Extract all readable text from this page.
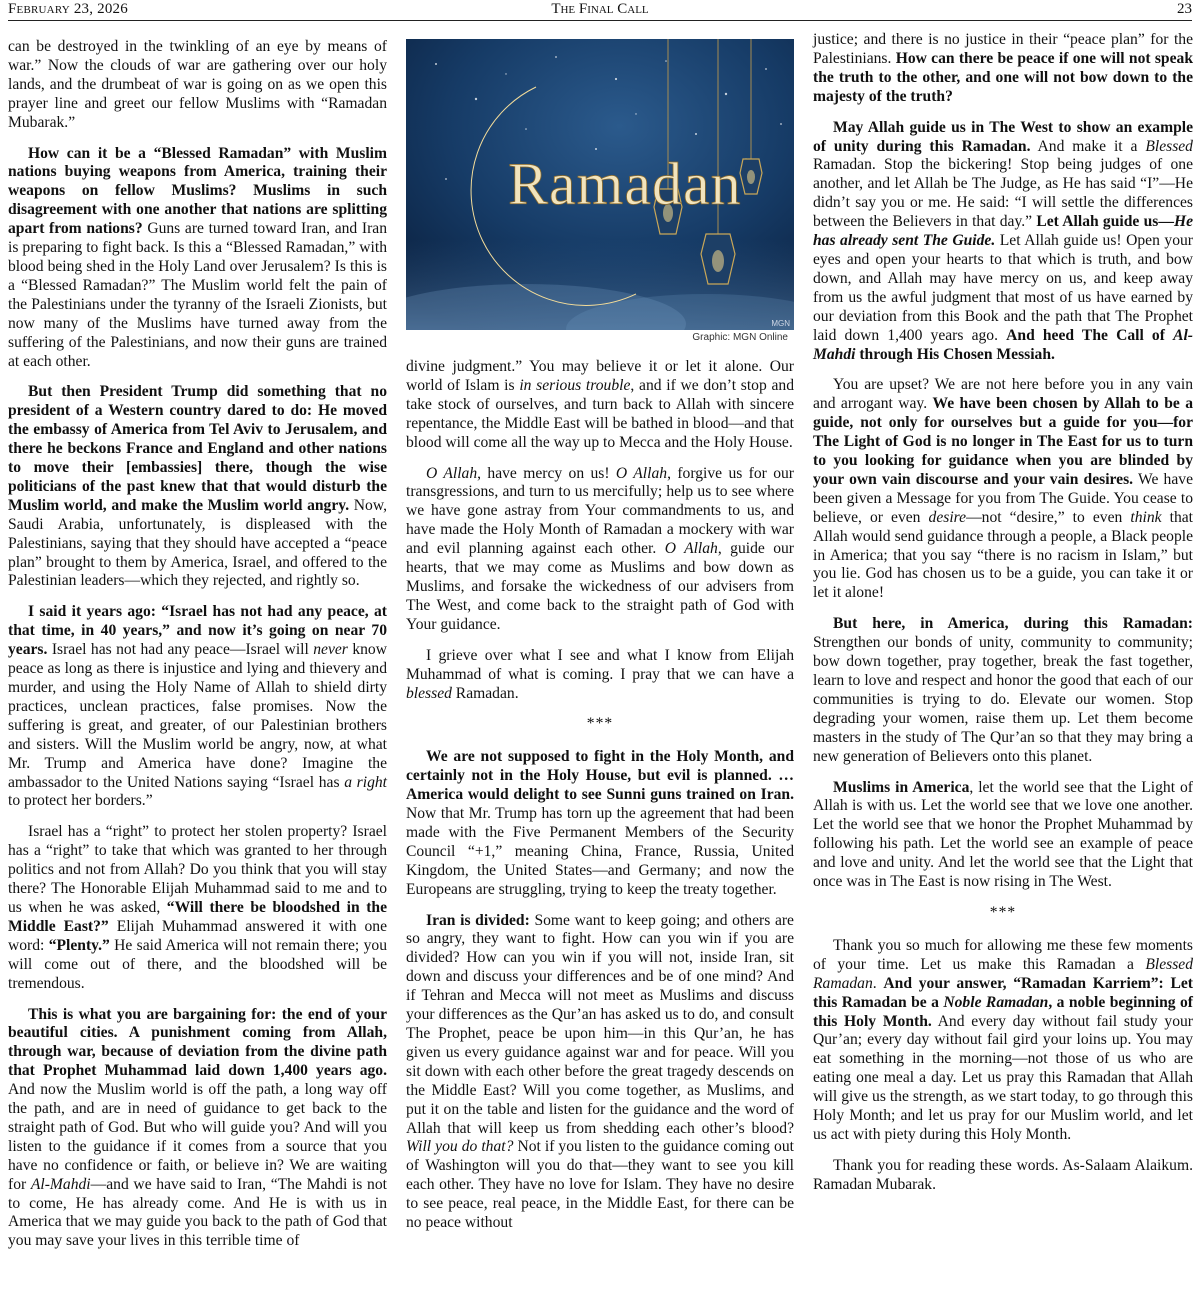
February 23, 2026	The Final Call	23

can be destroyed in the twinkling of an eye by means of war.” Now the clouds of war are gathering over our holy lands, and the drumbeat of war is going on as we open this prayer line and greet our fellow Muslims with “Ramadan Mubarak.”

How can it be a “Blessed Ramadan” with Muslim nations buying weapons from America, training their weapons on fellow Muslims? Muslims in such disagreement with one another that nations are splitting apart from nations? Guns are turned toward Iran, and Iran is preparing to fight back. Is this a “Blessed Ramadan,” with blood being shed in the Holy Land over Jerusalem? Is this is a “Blessed Ramadan?” The Muslim world felt the pain of the Palestinians under the tyranny of the Israeli Zionists, but now many of the Muslims have turned away from the suffering of the Palestinians, and now their guns are trained at each other.

But then President Trump did something that no president of a Western country dared to do: He moved the embassy of America from Tel Aviv to Jerusalem, and there he beckons France and England and other nations to move their [embassies] there, though the wise politicians of the past knew that that would disturb the Muslim world, and make the Muslim world angry. Now, Saudi Arabia, unfortunately, is displeased with the Palestinians, saying that they should have accepted a “peace plan” brought to them by America, Israel, and offered to the Palestinian leaders—which they rejected, and rightly so.

I said it years ago: “Israel has not had any peace, at that time, in 40 years,” and now it’s going on near 70 years. Israel has not had any peace—Israel will never know peace as long as there is injustice and lying and thievery and murder, and using the Holy Name of Allah to shield dirty practices, unclean practices, false promises. Now the suffering is great, and greater, of our Palestinian brothers and sisters. Will the Muslim world be angry, now, at what Mr. Trump and America have done? Imagine the ambassador to the United Nations saying “Israel has a right to protect her borders.”

Israel has a “right” to protect her stolen property? Israel has a “right” to take that which was granted to her through politics and not from Allah? Do you think that you will stay there? The Honorable Elijah Muhammad said to me and to us when he was asked, “Will there be bloodshed in the Middle East?” Elijah Muhammad answered it with one word: “Plenty.” He said America will not remain there; you will come out of there, and the bloodshed will be tremendous.

This is what you are bargaining for: the end of your beautiful cities. A punishment coming from Allah, through war, because of deviation from the divine path that Prophet Muhammad laid down 1,400 years ago. And now the Muslim world is off the path, a long way off the path, and are in need of guidance to get back to the straight path of God. But who will guide you? And will you listen to the guidance if it comes from a source that you have no confidence or faith, or believe in? We are waiting for Al-Mahdi—and we have said to Iran, “The Mahdi is not to come, He has already come. And He is with us in America that we may guide you back to the path of God that you may save your lives in this terrible time of

Ramadan
MGN
Graphic: MGN Online

divine judgment.” You may believe it or let it alone. Our world of Islam is in serious trouble, and if we don’t stop and take stock of ourselves, and turn back to Allah with sincere repentance, the Middle East will be bathed in blood—and that blood will come all the way up to Mecca and the Holy House.

O Allah, have mercy on us! O Allah, forgive us for our transgressions, and turn to us mercifully; help us to see where we have gone astray from Your commandments to us, and have made the Holy Month of Ramadan a mockery with war and evil planning against each other. O Allah, guide our hearts, that we may come as Muslims and bow down as Muslims, and forsake the wickedness of our advisers from The West, and come back to the straight path of God with Your guidance.

I grieve over what I see and what I know from Elijah Muhammad of what is coming. I pray that we can have a blessed Ramadan.

***

We are not supposed to fight in the Holy Month, and certainly not in the Holy House, but evil is planned. … America would delight to see Sunni guns trained on Iran. Now that Mr. Trump has torn up the agreement that had been made with the Five Permanent Members of the Security Council “+1,” meaning China, France, Russia, United Kingdom, the United States—and Germany; and now the Europeans are struggling, trying to keep the treaty together.

Iran is divided: Some want to keep going; and others are so angry, they want to fight. How can you win if you are divided? How can you win if you will not, inside Iran, sit down and discuss your differences and be of one mind? And if Tehran and Mecca will not meet as Muslims and discuss your differences as the Qur’an has asked us to do, and consult The Prophet, peace be upon him—in this Qur’an, he has given us every guidance against war and for peace. Will you sit down with each other before the great tragedy descends on the Middle East? Will you come together, as Muslims, and put it on the table and listen for the guidance and the word of Allah that will keep us from shedding each other’s blood? Will you do that? Not if you listen to the guidance coming out of Washington will you do that—they want to see you kill each other. They have no love for Islam. They have no desire to see peace, real peace, in the Middle East, for there can be no peace without

justice; and there is no justice in their “peace plan” for the Palestinians. How can there be peace if one will not speak the truth to the other, and one will not bow down to the majesty of the truth?

May Allah guide us in The West to show an example of unity during this Ramadan. And make it a Blessed Ramadan. Stop the bickering! Stop being judges of one another, and let Allah be The Judge, as He has said “I”—He didn’t say you or me. He said: “I will settle the differences between the Believers in that day.” Let Allah guide us—He has already sent The Guide. Let Allah guide us! Open your eyes and open your hearts to that which is truth, and bow down, and Allah may have mercy on us, and keep away from us the awful judgment that most of us have earned by our deviation from this Book and the path that The Prophet laid down 1,400 years ago. And heed The Call of Al-Mahdi through His Chosen Messiah.

You are upset? We are not here before you in any vain and arrogant way. We have been chosen by Allah to be a guide, not only for ourselves but a guide for you—for The Light of God is no longer in The East for us to turn to you looking for guidance when you are blinded by your own vain discourse and your vain desires. We have been given a Message for you from The Guide. You cease to believe, or even desire—not “desire,” to even think that Allah would send guidance through a people, a Black people in America; that you say “there is no racism in Islam,” but you lie. God has chosen us to be a guide, you can take it or let it alone!

But here, in America, during this Ramadan: Strengthen our bonds of unity, community to community; bow down together, pray together, break the fast together, learn to love and respect and honor the good that each of our communities is trying to do. Elevate our women. Stop degrading your women, raise them up. Let them become masters in the study of The Qur’an so that they may bring a new generation of Believers onto this planet.

Muslims in America, let the world see that the Light of Allah is with us. Let the world see that we love one another. Let the world see that we honor the Prophet Muhammad by following his path. Let the world see an example of peace and love and unity. And let the world see that the Light that once was in The East is now rising in The West.

***

Thank you so much for allowing me these few moments of your time. Let us make this Ramadan a Blessed Ramadan. And your answer, “Ramadan Karriem”: Let this Ramadan be a Noble Ramadan, a noble beginning of this Holy Month. And every day without fail study your Qur’an; every day without fail gird your loins up. You may eat something in the morning—not those of us who are eating one meal a day. Let us pray this Ramadan that Allah will give us the strength, as we start today, to go through this Holy Month; and let us pray for our Muslim world, and let us act with piety during this Holy Month.

Thank you for reading these words. As-Salaam Alaikum. Ramadan Mubarak.
